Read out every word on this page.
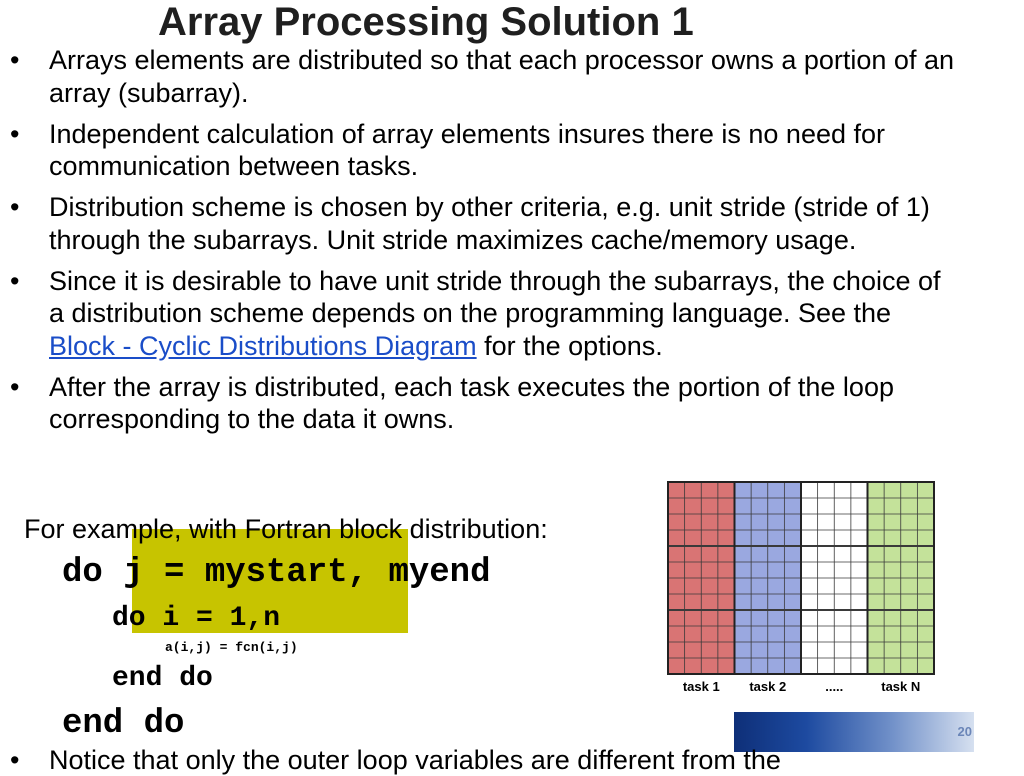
Array Processing Solution 1
• Arrays elements are distributed so that each processor owns a portion of an array (subarray).
• Independent calculation of array elements insures there is no need for communication between tasks.
• Distribution scheme is chosen by other criteria, e.g. unit stride (stride of 1) through the subarrays. Unit stride maximizes cache/memory usage.
• Since it is desirable to have unit stride through the subarrays, the choice of a distribution scheme depends on the programming language. See the Block - Cyclic Distributions Diagram for the options.
• After the array is distributed, each task executes the portion of the loop corresponding to the data it owns.
For example, with Fortran block distribution:
do j = mystart, myend
do i = 1,n
a(i,j) = fcn(i,j)
end do
end do
task 1 task 2	.....	task N
20
• Notice that only the outer loop variables are different from the
